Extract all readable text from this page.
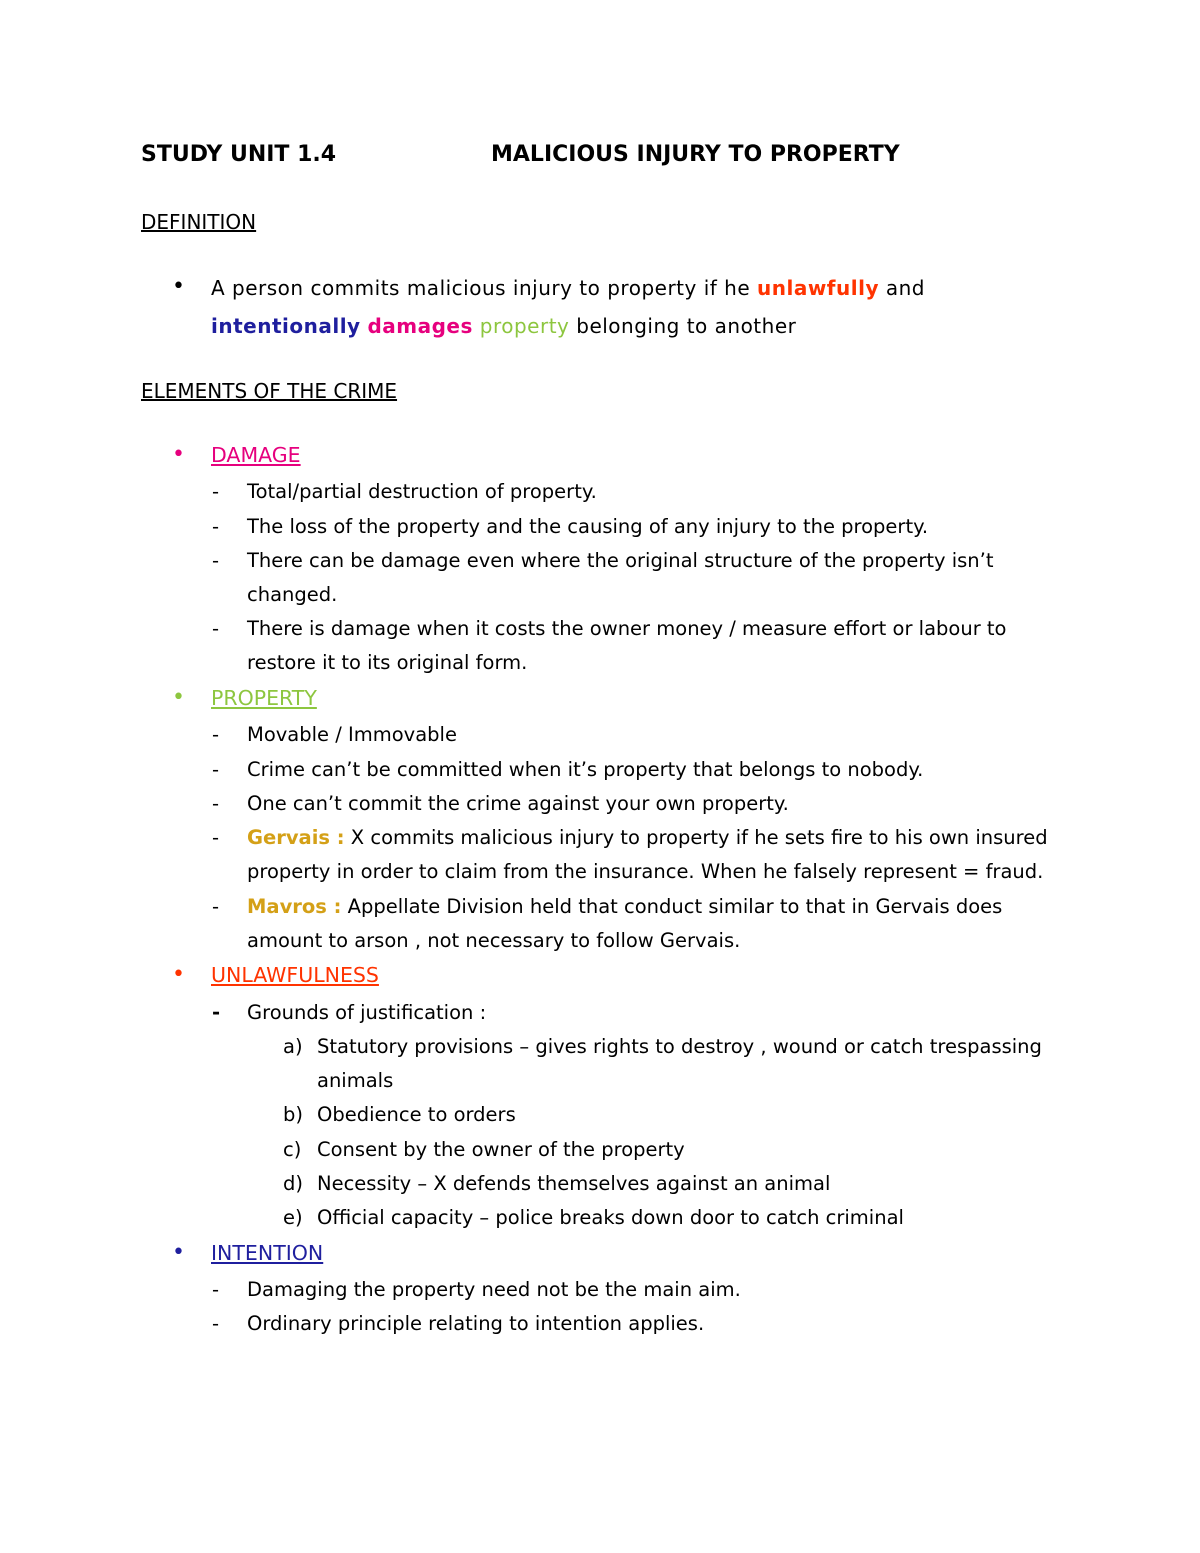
STUDY UNIT 1.4	MALICIOUS INJURY TO PROPERTY
DEFINITION
• A person commits malicious injury to property if he unlawfully and
intentionally damages property belonging to another
ELEMENTS OF THE CRIME
• DAMAGE
- Total/partial destruction of property.
- The loss of the property and the causing of any injury to the property.
- There can be damage even where the original structure of the property isn’t
changed.
- There is damage when it costs the owner money / measure effort or labour to
restore it to its original form.
• PROPERTY
- Movable / Immovable
- Crime can’t be committed when it’s property that belongs to nobody.
- One can’t commit the crime against your own property.
- Gervais : X commits malicious injury to property if he sets fire to his own insured
property in order to claim from the insurance. When he falsely represent = fraud.
- Mavros : Appellate Division held that conduct similar to that in Gervais does
amount to arson , not necessary to follow Gervais.
• UNLAWFULNESS
- Grounds of justification :
a) Statutory provisions – gives rights to destroy , wound or catch trespassing
animals
b) Obedience to orders
c) Consent by the owner of the property
d) Necessity – X defends themselves against an animal
e) Official capacity – police breaks down door to catch criminal
• INTENTION
- Damaging the property need not be the main aim.
- Ordinary principle relating to intention applies.
